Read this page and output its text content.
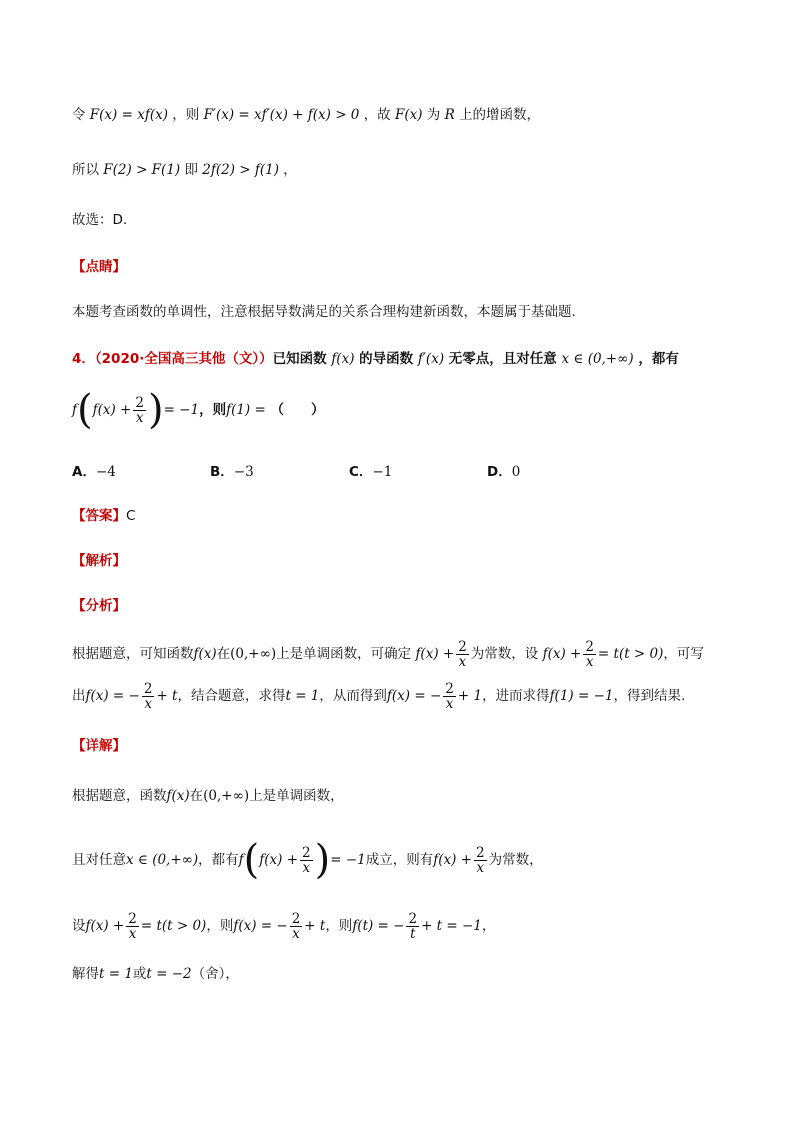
令 F(x) = xf(x) ，则 F′(x) = xf′(x) + f(x) > 0 ，故 F(x) 为 R 上的增函数，
所以 F(2) > F(1) 即 2f(2) > f(1) ，
故选：D.
【点睛】
本题考查函数的单调性，注意根据导数满足的关系合理构建新函数，本题属于基础题.
4．（2020·全国高三其他（文））已知函数 f(x) 的导函数 f′(x) 无零点，且对任意 x ∈ (0,+∞) ，都有
$f(f(x) + \frac{2}{x}$ )= −1，则f(1) = （　　）
A．−4	B．−3	C．−1	D．0
【答案】C
【解析】
【分析】
根据题意，可知函数f(x)在(0,+∞)上是单调函数，可确定 $f(x) + \frac{2}{x}$ 为常数，设 $f(x) + \frac{2}{x} = t(t > 0)$，可写
出f(x) = − $\frac{2}{x} + t$，结合题意，求得t = 1，从而得到f(x) = − $\frac{2}{x} + 1$，进而求得f(1) = −1，得到结果.
【详解】
根据题意，函数f(x)在(0,+∞)上是单调函数，
且对任意x ∈ (0,+∞)，都有$f(f(x) + \frac{2}{x}$ )= −1成立，则有$f(x) + \frac{2}{x}$ 为常数，
设$f(x) + \frac{2}{x} = t(t > 0)$，则f(x) = − $\frac{2}{x} + t$，则f(t) = − $\frac{2}{t} + t = -1$，
解得t = 1或t = −2（舍），
